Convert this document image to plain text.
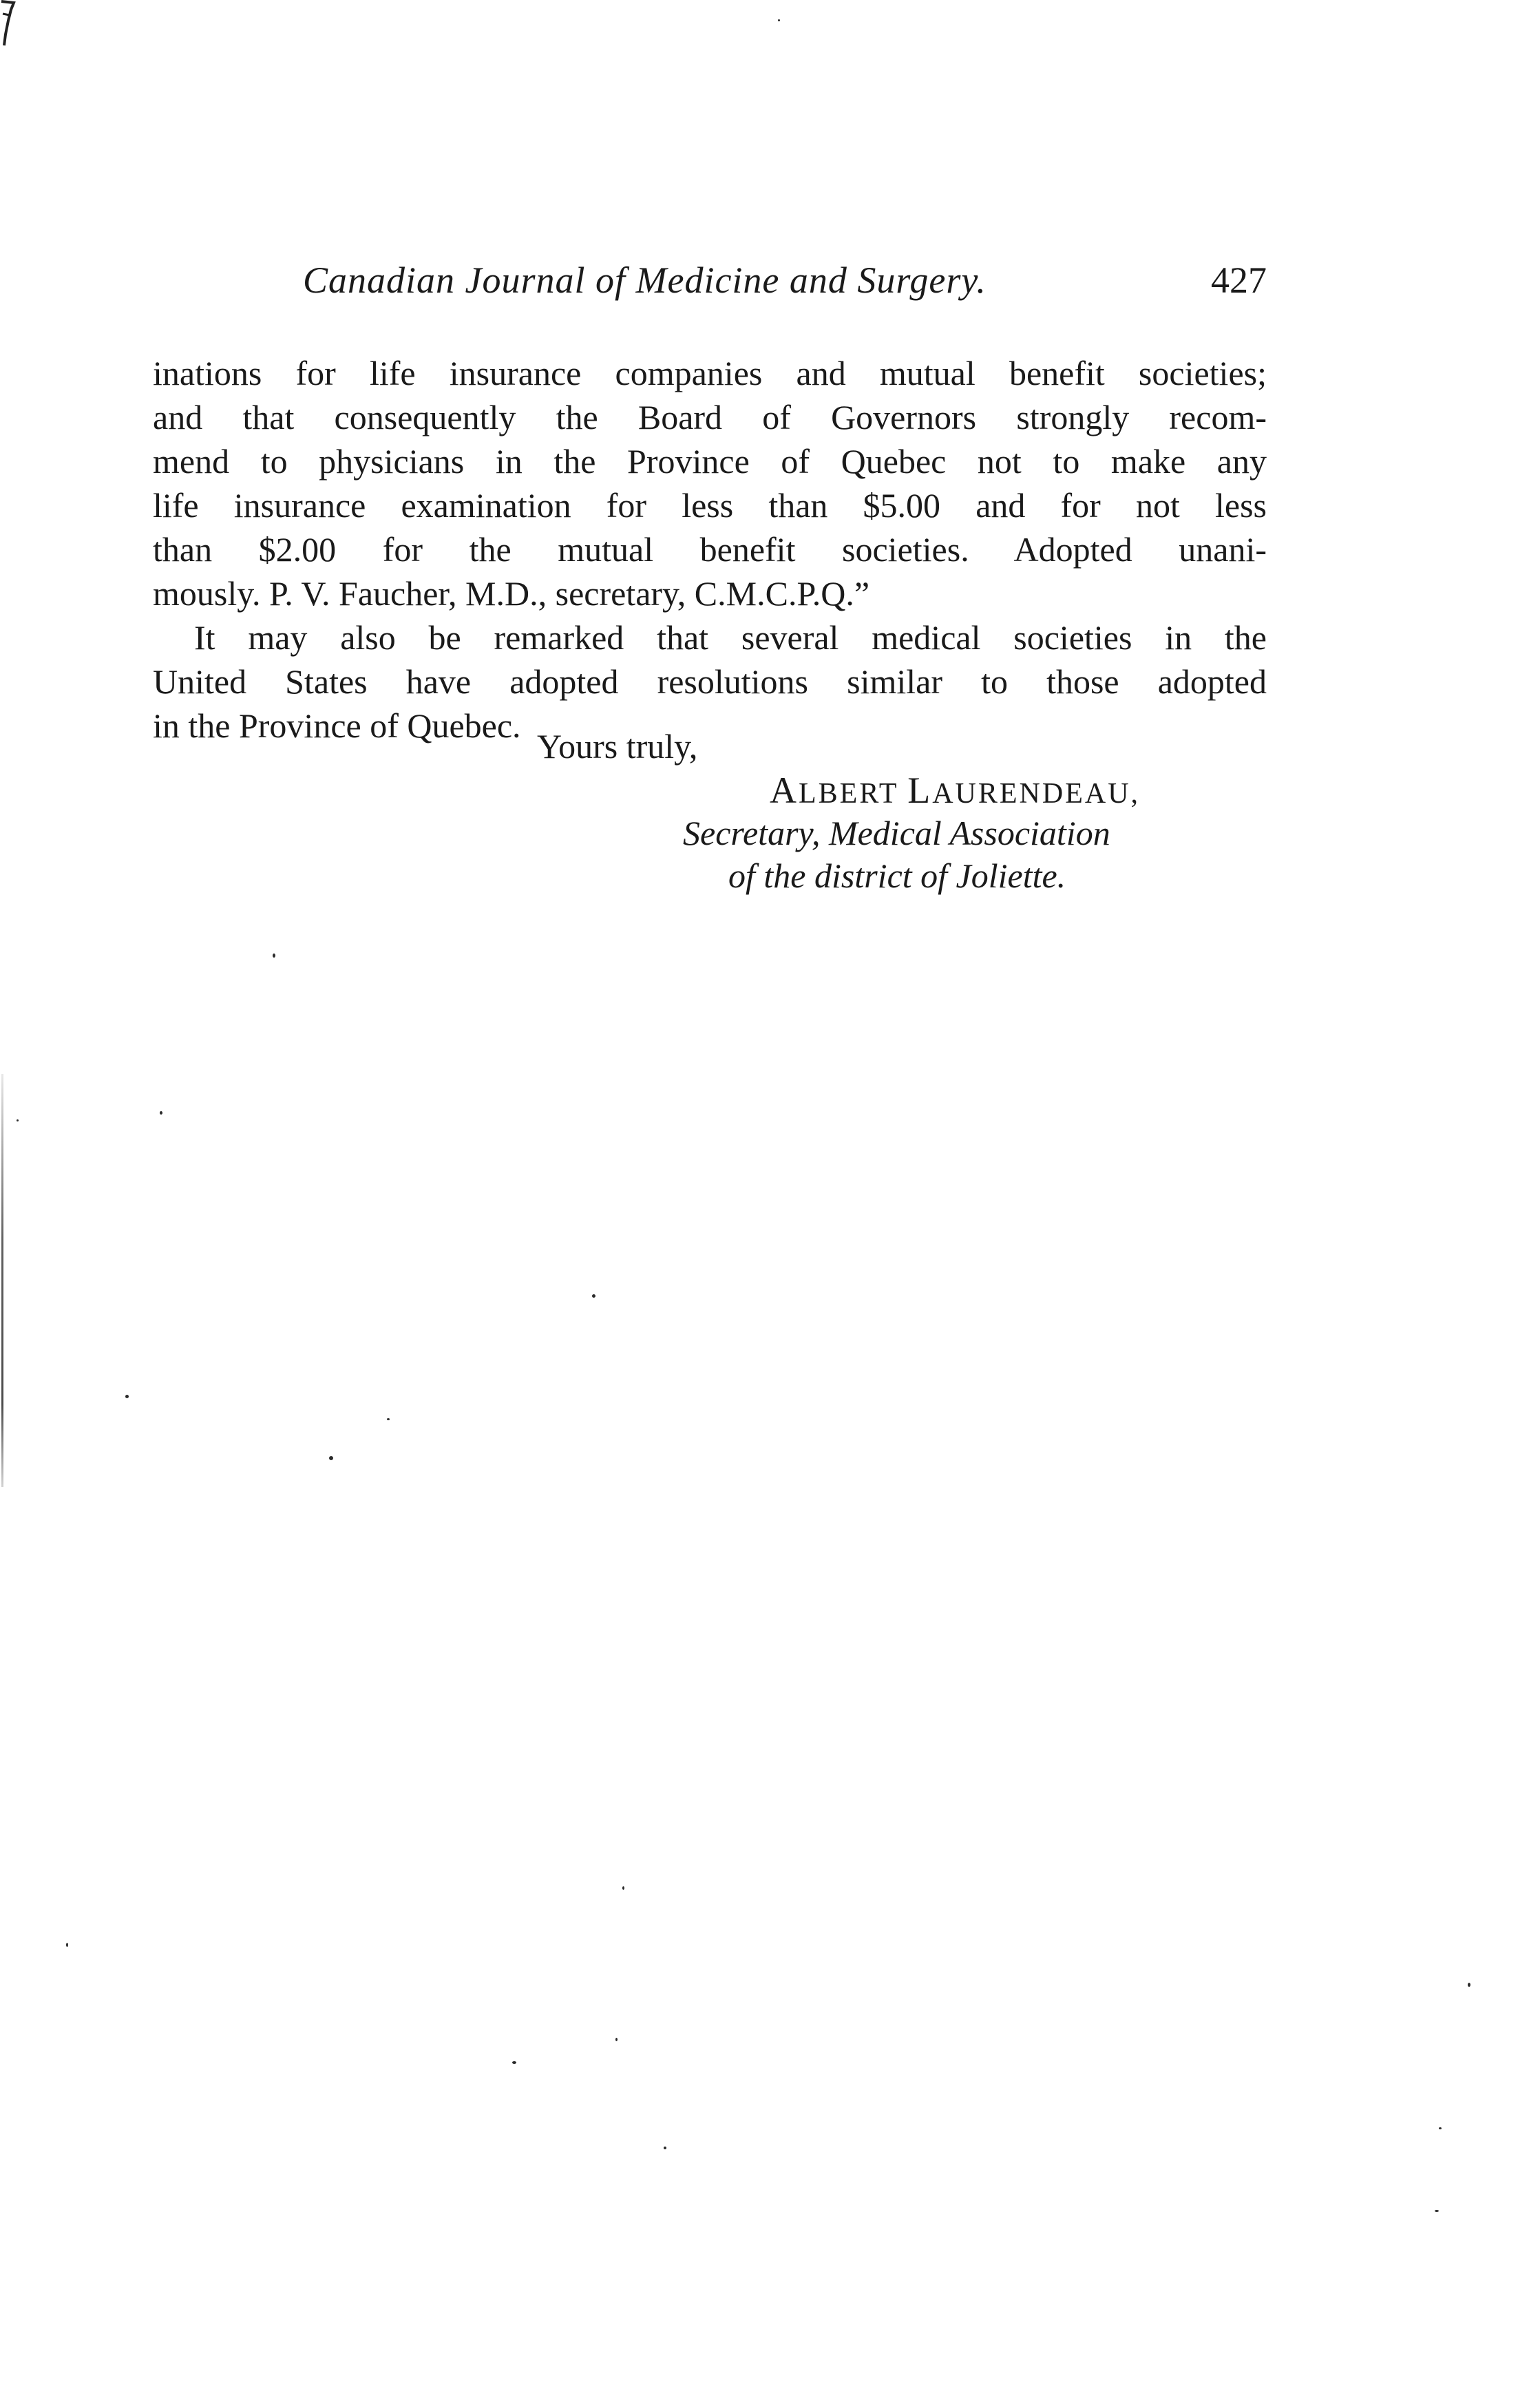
Canadian Journal of Medicine and Surgery.	427
inations for life insurance companies and mutual benefit societies;
and that consequently the Board of Governors strongly recom-
mend to physicians in the Province of Quebec not to make any
life insurance examination for less than $5.00 and for not less
than $2.00 for the mutual benefit societies. Adopted unani-
mously. P. V. Faucher, M.D., secretary, C.M.C.P.Q.”
It may also be remarked that several medical societies in the
United States have adopted resolutions similar to those adopted
in the Province of Quebec.
Yours truly,
ALBERT LAURENDEAU,
Secretary, Medical Association
of the district of Joliette.
